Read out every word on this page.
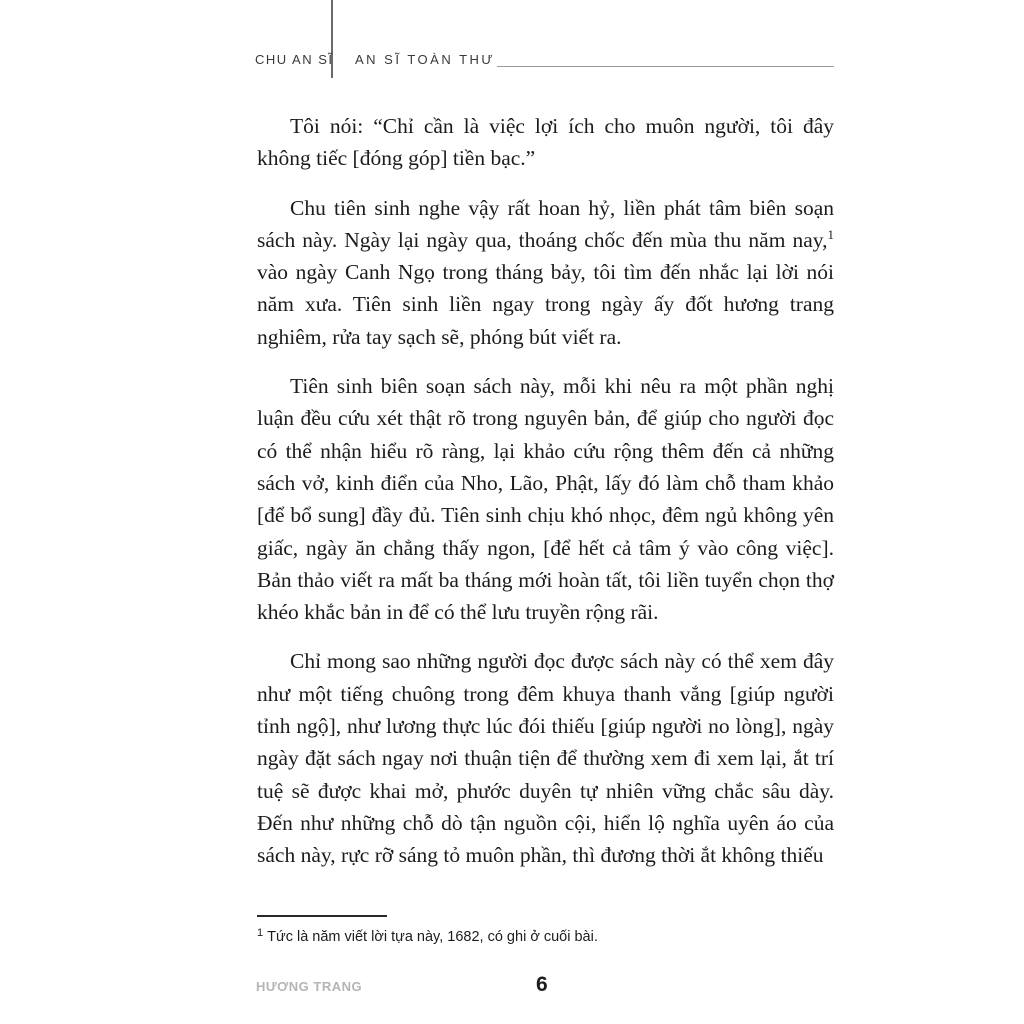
CHU AN SĨ AN SĨ TOÀN THƯ

Tôi nói: “Chỉ cần là việc lợi ích cho muôn người, tôi đây không tiếc [đóng góp] tiền bạc.”

Chu tiên sinh nghe vậy rất hoan hỷ, liền phát tâm biên soạn sách này. Ngày lại ngày qua, thoáng chốc đến mùa thu năm nay,$^1$ vào ngày Canh Ngọ trong tháng bảy, tôi tìm đến nhắc lại lời nói năm xưa. Tiên sinh liền ngay trong ngày ấy đốt hương trang nghiêm, rửa tay sạch sẽ, phóng bút viết ra.

Tiên sinh biên soạn sách này, mỗi khi nêu ra một phần nghị luận đều cứu xét thật rõ trong nguyên bản, để giúp cho người đọc có thể nhận hiểu rõ ràng, lại khảo cứu rộng thêm đến cả những sách vở, kinh điển của Nho, Lão, Phật, lấy đó làm chỗ tham khảo [để bổ sung] đầy đủ. Tiên sinh chịu khó nhọc, đêm ngủ không yên giấc, ngày ăn chẳng thấy ngon, [để hết cả tâm ý vào công việc]. Bản thảo viết ra mất ba tháng mới hoàn tất, tôi liền tuyển chọn thợ khéo khắc bản in để có thể lưu truyền rộng rãi.

Chỉ mong sao những người đọc được sách này có thể xem đây như một tiếng chuông trong đêm khuya thanh vắng [giúp người tỉnh ngộ], như lương thực lúc đói thiếu [giúp người no lòng], ngày ngày đặt sách ngay nơi thuận tiện để thường xem đi xem lại, ắt trí tuệ sẽ được khai mở, phước duyên tự nhiên vững chắc sâu dày. Đến như những chỗ dò tận nguồn cội, hiển lộ nghĩa uyên áo của sách này, rực rỡ sáng tỏ muôn phần, thì đương thời ắt không thiếu

$^1$ Tức là năm viết lời tựa này, 1682, có ghi ở cuối bài.
HƯƠNG TRANG	6
